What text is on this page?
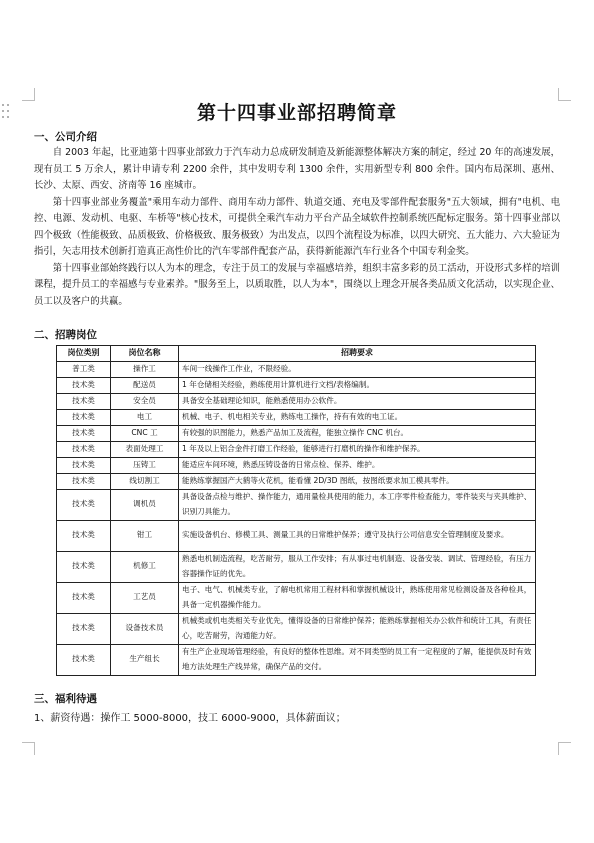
第十四事业部招聘简章
一、公司介绍

自 2003 年起，比亚迪第十四事业部致力于汽车动力总成研发制造及新能源整体解决方案的制定，经过 20 年的高速发展，现有员工 5 万余人，累计申请专利 2200 余件，其中发明专利 1300 余件，实用新型专利 800 余件。国内布局深圳、惠州、长沙、太原、西安、济南等 16 座城市。

第十四事业部业务覆盖"乘用车动力部件、商用车动力部件、轨道交通、充电及零部件配套服务"五大领域，拥有"电机、电控、电源、发动机、电驱、车桥等"核心技术，可提供全乘汽车动力平台产品全域软件控制系统匹配标定服务。第十四事业部以四个极致（性能极致、品质极致、价格极致、服务极致）为出发点，以四个流程设为标准，以四大研究、五大能力、六大验证为指引，矢志用技术创新打造真正高性价比的汽车零部件配套产品，获得新能源汽车行业各个中国专利金奖。

第十四事业部始终践行以人为本的理念，专注于员工的发展与幸福感培养，组织丰富多彩的员工活动，开设形式多样的培训课程，提升员工的幸福感与专业素养。"服务至上，以质取胜，以人为本"，围绕以上理念开展各类品质文化活动，以实现企业、员工以及客户的共赢。

二、招聘岗位
岗位类别	岗位名称	招聘要求
普工类	操作工	车间一线操作工作业，不限经验。
技术类	配送员	1 年仓储相关经验，熟练使用计算机进行文档/表格编制。
技术类	安全员	具备安全基础理论知识，能熟悉使用办公软件。
技术类	电工	机械、电子、机电相关专业，熟练电工操作，持有有效的电工证。
技术类	CNC 工	有较强的识图能力，熟悉产品加工及流程，能独立操作 CNC 机台。
技术类	表面处理工	1 年及以上铝合金件打磨工作经验，能够进行打磨机的操作和维护保养。
技术类	压铸工	能适应车间环境，熟悉压铸设备的日常点检、保养、维护。
技术类	线切割工	能熟练掌握国产大鹤等火花机，能看懂 2D/3D 图纸，按图纸要求加工模具零件。
技术类	调机员	具备设备点检与维护、操作能力，通用量检具使用的能力，本工序零件检查能力，零件装夹与夹具维护、识别刀具能力。
技术类	钳工	实施设备机台、修模工具、测量工具的日常维护保养；遵守及执行公司信息安全管理制度及要求。
技术类	机修工	熟悉电机制造流程，吃苦耐劳，服从工作安排；有从事过电机制造、设备安装、调试、管理经验，有压力容器操作证的优先。
技术类	工艺员	电子、电气、机械类专业，了解电机常用工程材料和掌握机械设计，熟练使用常见检测设备及各种检具，具备一定机器操作能力。
技术类	设备技术员	机械类或机电类相关专业优先，懂得设备的日常维护保养；能熟练掌握相关办公软件和统计工具，有责任心，吃苦耐劳，沟通能力好。
技术类	生产组长	有生产企业现场管理经验，有良好的整体性思维。对不同类型的员工有一定程度的了解，能提供及时有效地方法处理生产线异常，确保产品的交付。
三、福利待遇

1、薪资待遇：操作工 5000-8000，技工 6000-9000，具体薪面议；
